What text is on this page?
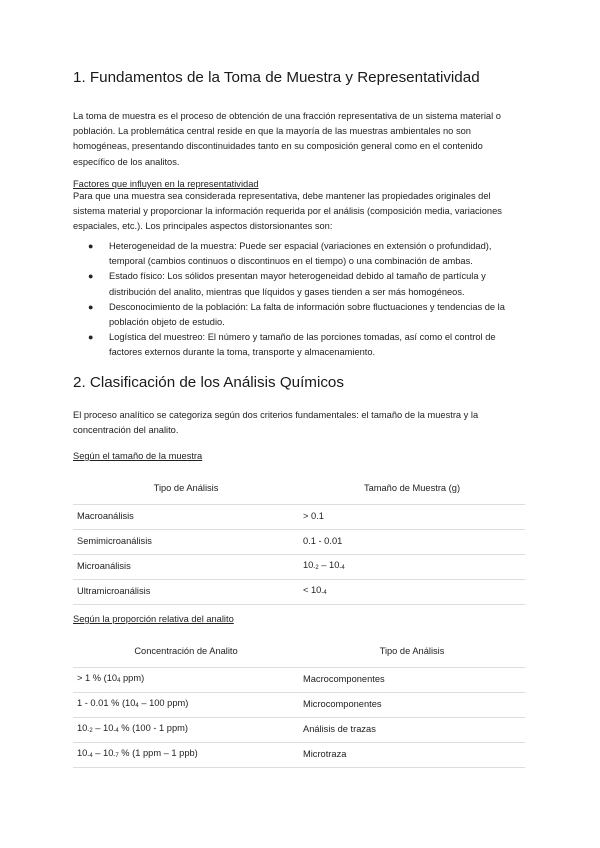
1. Fundamentos de la Toma de Muestra y Representatividad

La toma de muestra es el proceso de obtención de una fracción representativa de un sistema material o población. La problemática central reside en que la mayoría de las muestras ambientales no son homogéneas, presentando discontinuidades tanto en su composición general como en el contenido específico de los analitos.

Factores que influyen en la representatividad

Para que una muestra sea considerada representativa, debe mantener las propiedades originales del sistema material y proporcionar la información requerida por el análisis (composición media, variaciones espaciales, etc.). Los principales aspectos distorsionantes son:

● Heterogeneidad de la muestra: Puede ser espacial (variaciones en extensión o profundidad), temporal (cambios continuos o discontinuos en el tiempo) o una combinación de ambas.
● Estado físico: Los sólidos presentan mayor heterogeneidad debido al tamaño de partícula y distribución del analito, mientras que líquidos y gases tienden a ser más homogéneos.
● Desconocimiento de la población: La falta de información sobre fluctuaciones y tendencias de la población objeto de estudio.
● Logística del muestreo: El número y tamaño de las porciones tomadas, así como el control de factores externos durante la toma, transporte y almacenamiento.
2. Clasificación de los Análisis Químicos

El proceso analítico se categoriza según dos criterios fundamentales: el tamaño de la muestra y la concentración del analito.

Según el tamaño de la muestra
Tipo de Análisis	Tamaño de Muestra (g)
Macroanálisis	> 0.1
Semimicroanálisis	0.1 - 0.01
Microanálisis	$10_{-2} - 10_{-4}$
Ultramicroanálisis	< $10_{-4}$
Según la proporción relativa del analito
Concentración de Analito	Tipo de Análisis
> 1 % ($10_4$ ppm)	Macrocomponentes
1 - 0.01 % ($10_4 - 100$ ppm)	Microcomponentes
$10_{-2} - 10_{-4}$ % (100 - 1 ppm)	Análisis de trazas
$10_{-4} - 10_{-7}$ % (1 ppm – 1 ppb)	Microtraza
